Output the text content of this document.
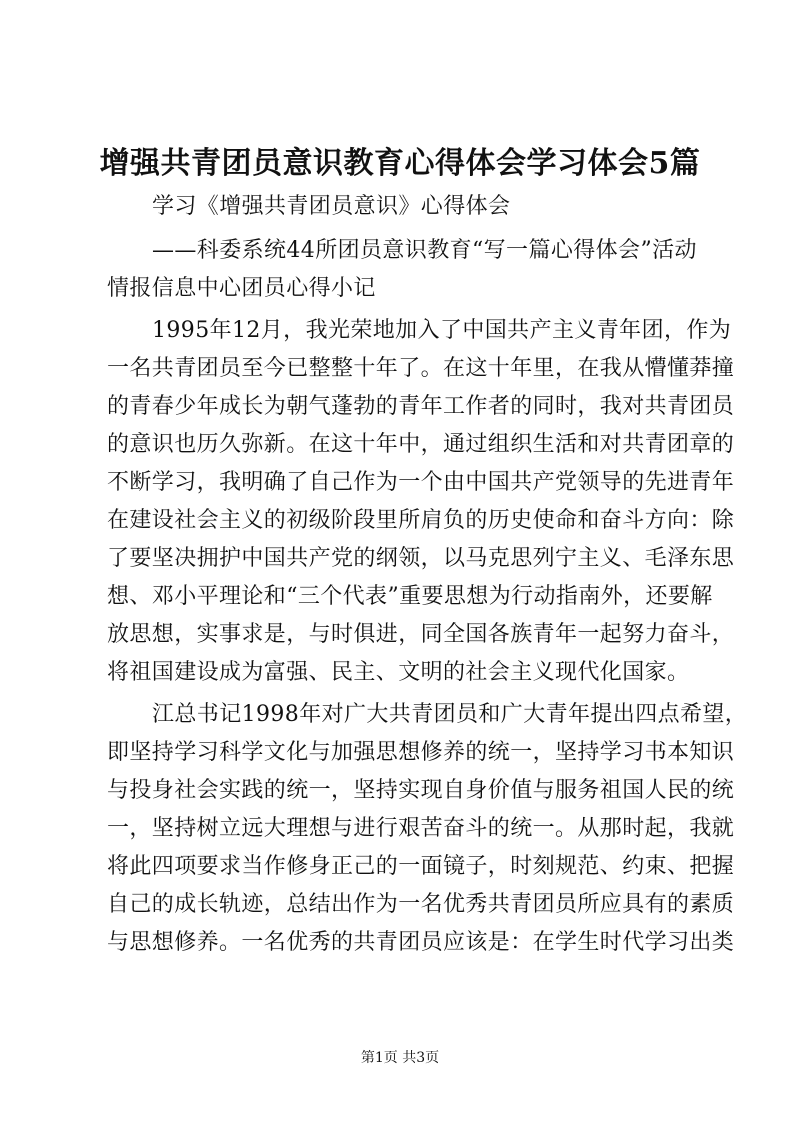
增强共青团员意识教育心得体会学习体会5篇
学习《增强共青团员意识》心得体会
——科委系统44所团员意识教育“写一篇心得体会”活动
情报信息中心团员心得小记
1995年12月，我光荣地加入了中国共产主义青年团，作为
一名共青团员至今已整整十年了。在这十年里，在我从懵懂莽撞
的青春少年成长为朝气蓬勃的青年工作者的同时，我对共青团员
的意识也历久弥新。在这十年中，通过组织生活和对共青团章的
不断学习，我明确了自己作为一个由中国共产党领导的先进青年
在建设社会主义的初级阶段里所肩负的历史使命和奋斗方向：除
了要坚决拥护中国共产党的纲领，以马克思列宁主义、毛泽东思
想、邓小平理论和“三个代表”重要思想为行动指南外，还要解
放思想，实事求是，与时俱进，同全国各族青年一起努力奋斗，
将祖国建设成为富强、民主、文明的社会主义现代化国家。
江总书记1998年对广大共青团员和广大青年提出四点希望，
即坚持学习科学文化与加强思想修养的统一，坚持学习书本知识
与投身社会实践的统一，坚持实现自身价值与服务祖国人民的统
一，坚持树立远大理想与进行艰苦奋斗的统一。从那时起，我就
将此四项要求当作修身正己的一面镜子，时刻规范、约束、把握
自己的成长轨迹，总结出作为一名优秀共青团员所应具有的素质
与思想修养。一名优秀的共青团员应该是：在学生时代学习出类
第1页 共3页
